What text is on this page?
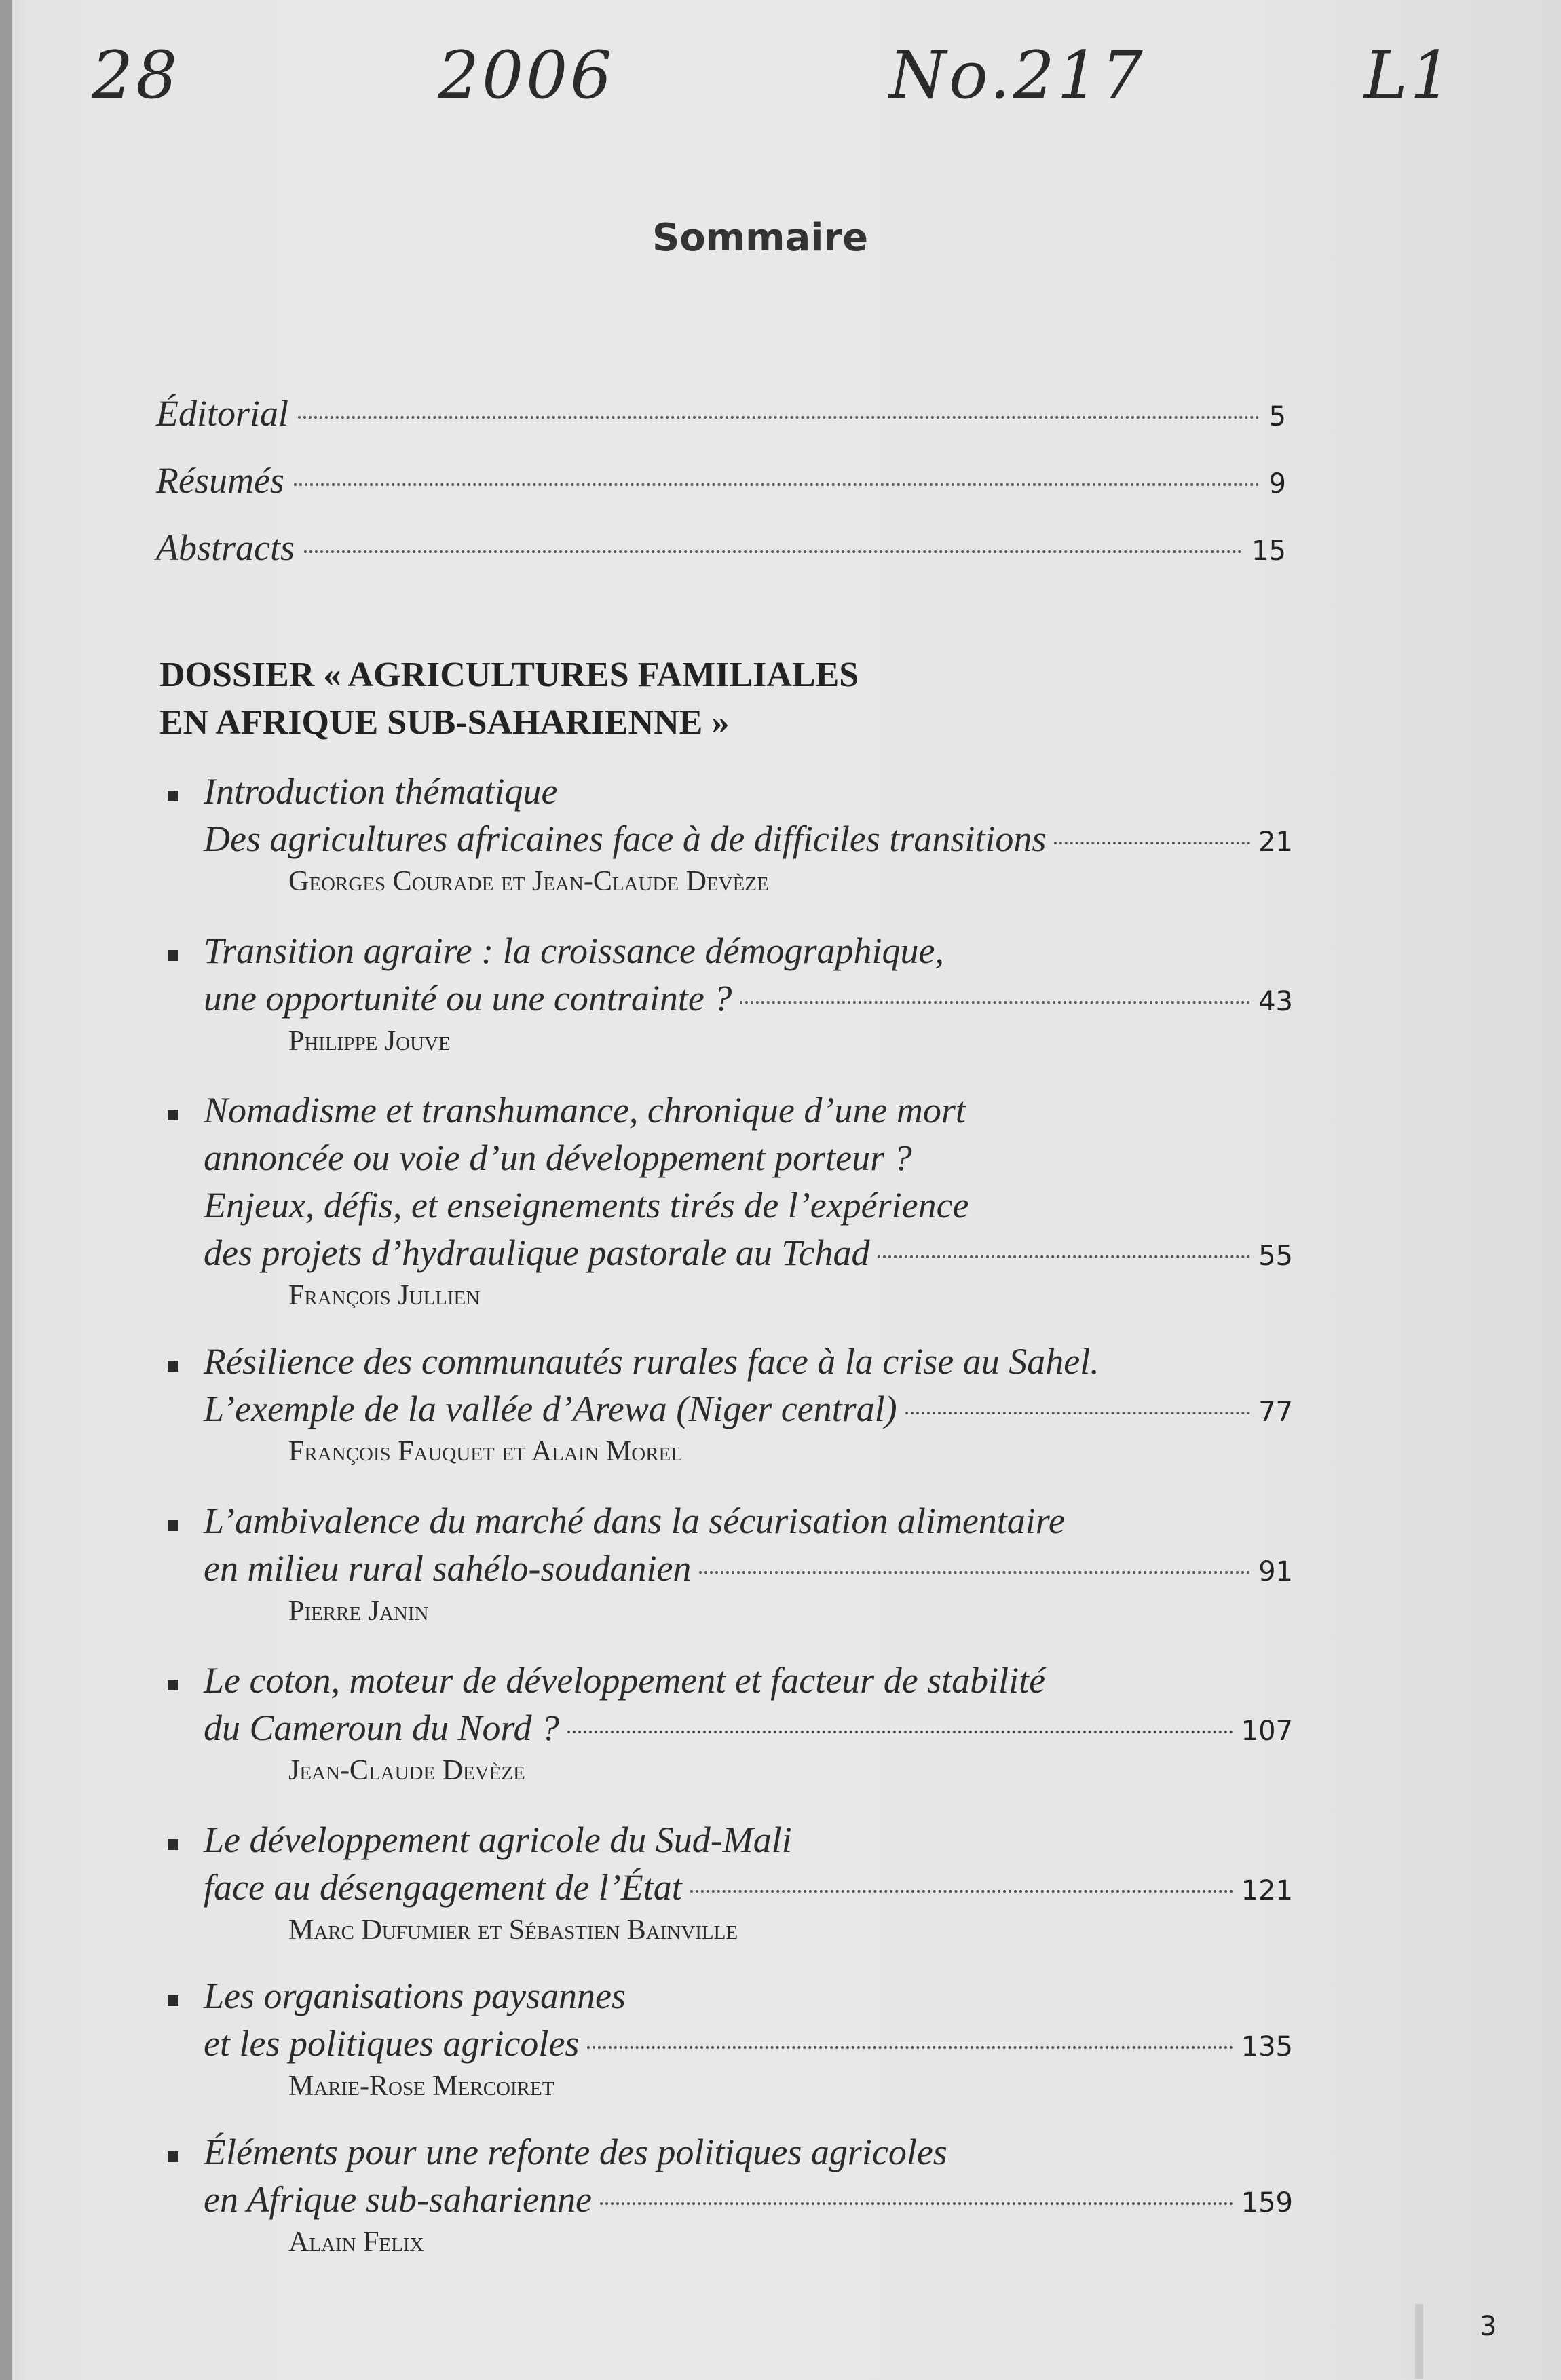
28	2006	No.217	L1
Sommaire
Éditorial	5
Résumés	9
Abstracts	15
DOSSIER « AGRICULTURES FAMILIALES
EN AFRIQUE SUB-SAHARIENNE »
Introduction thématique
Des agricultures africaines face à de difficiles transitions	21
Georges Courade et Jean-Claude Devèze
Transition agraire : la croissance démographique,
une opportunité ou une contrainte ?	43
Philippe Jouve
Nomadisme et transhumance, chronique d’une mort
annoncée ou voie d’un développement porteur ?
Enjeux, défis, et enseignements tirés de l’expérience
des projets d’hydraulique pastorale au Tchad	55
François Jullien
Résilience des communautés rurales face à la crise au Sahel.
L’exemple de la vallée d’Arewa (Niger central)	77
François Fauquet et Alain Morel
L’ambivalence du marché dans la sécurisation alimentaire
en milieu rural sahélo-soudanien	91
Pierre Janin
Le coton, moteur de développement et facteur de stabilité
du Cameroun du Nord ?	107
Jean-Claude Devèze
Le développement agricole du Sud-Mali
face au désengagement de l’État	121
Marc Dufumier et Sébastien Bainville
Les organisations paysannes
et les politiques agricoles	135
Marie-Rose Mercoiret
Éléments pour une refonte des politiques agricoles
en Afrique sub-saharienne	159
Alain Felix
3
